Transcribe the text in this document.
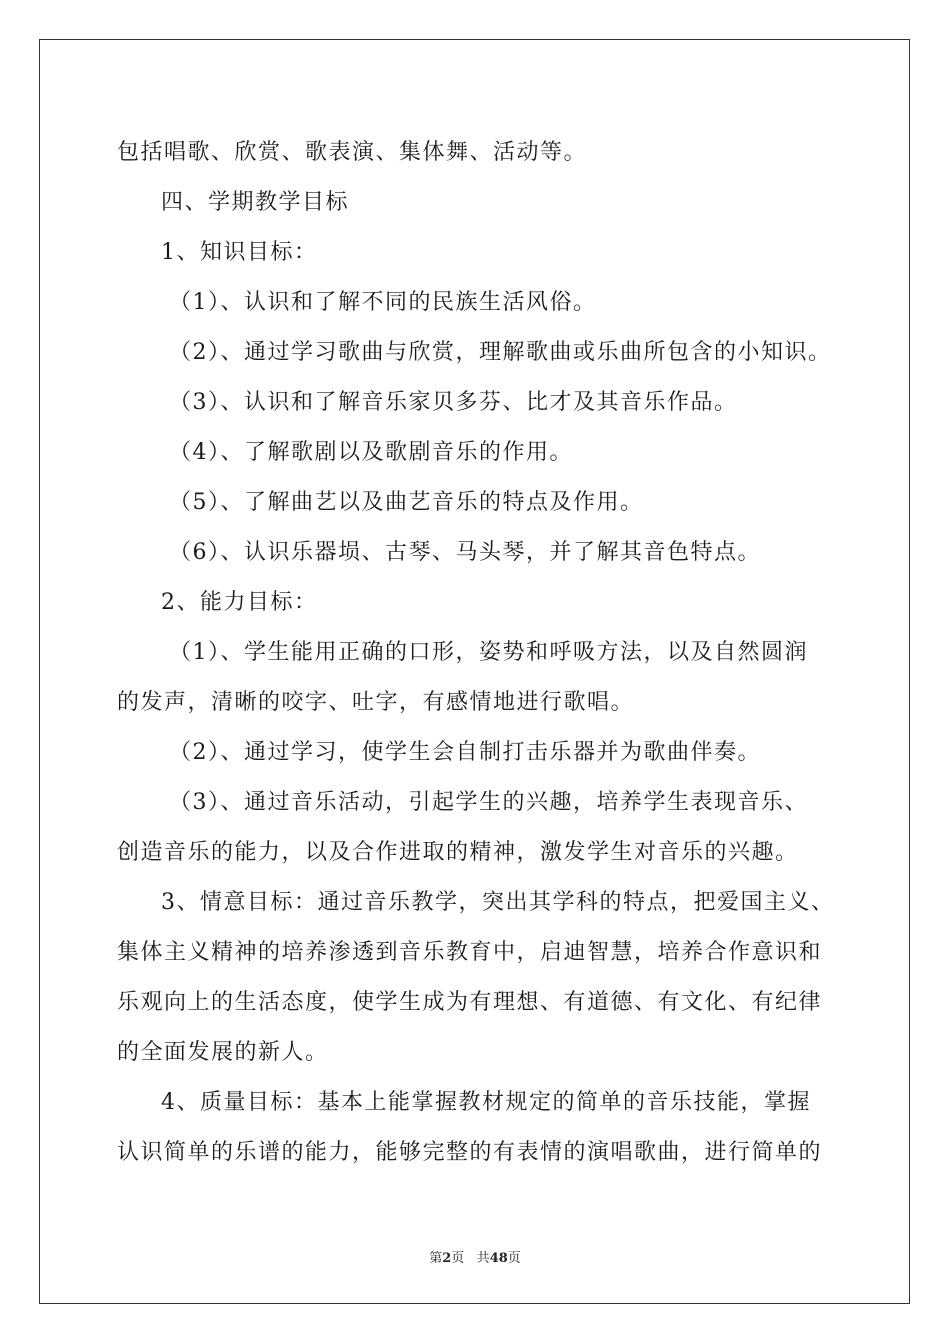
包括唱歌、欣赏、歌表演、集体舞、活动等。
四、学期教学目标
1、知识目标：
（1）、认识和了解不同的民族生活风俗。
（2）、通过学习歌曲与欣赏，理解歌曲或乐曲所包含的小知识。
（3）、认识和了解音乐家贝多芬、比才及其音乐作品。
（4）、了解歌剧以及歌剧音乐的作用。
（5）、了解曲艺以及曲艺音乐的特点及作用。
（6）、认识乐器埙、古琴、马头琴，并了解其音色特点。
2、能力目标：
（1）、学生能用正确的口形，姿势和呼吸方法，以及自然圆润
的发声，清晰的咬字、吐字，有感情地进行歌唱。
（2）、通过学习，使学生会自制打击乐器并为歌曲伴奏。
（3）、通过音乐活动，引起学生的兴趣，培养学生表现音乐、
创造音乐的能力，以及合作进取的精神，激发学生对音乐的兴趣。
3、情意目标：通过音乐教学，突出其学科的特点，把爱国主义、
集体主义精神的培养渗透到音乐教育中，启迪智慧，培养合作意识和
乐观向上的生活态度，使学生成为有理想、有道德、有文化、有纪律
的全面发展的新人。
4、质量目标：基本上能掌握教材规定的简单的音乐技能，掌握
认识简单的乐谱的能力，能够完整的有表情的演唱歌曲，进行简单的
第2页 共48页
